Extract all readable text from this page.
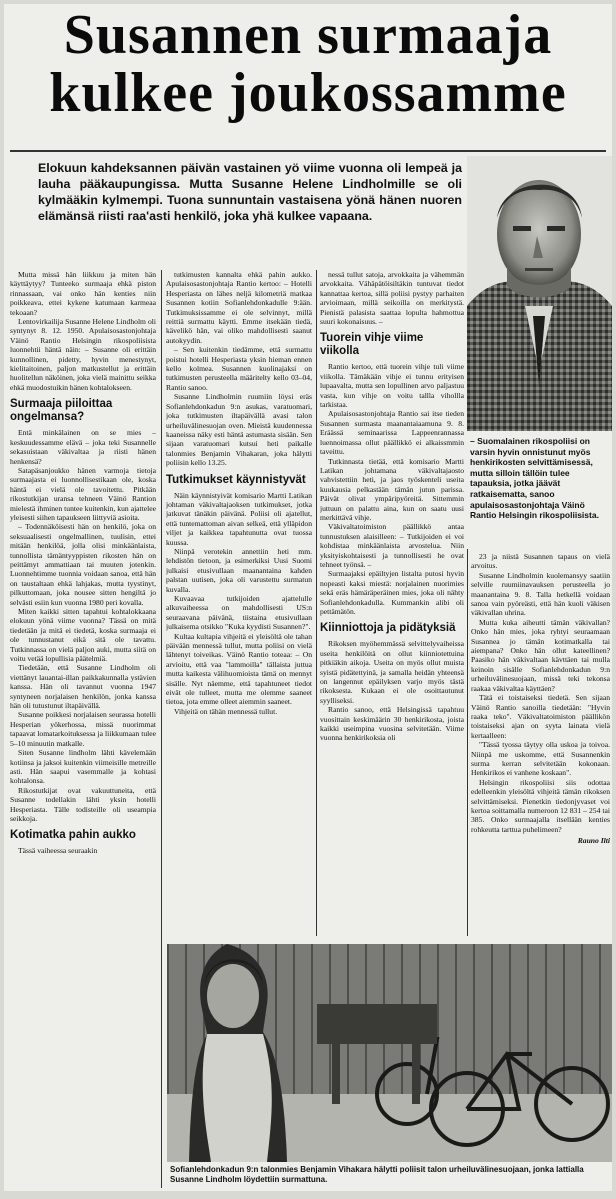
Susannen surmaaja
kulkee joukossamme
Elokuun kahdeksannen päivän vastainen yö viime vuonna oli lempeä ja lauha pääkaupungissa. Mutta Susanne Helene Lindholmille se oli kylmääkin kylmempi. Tuona sunnuntain vastaisena yönä hänen nuoren elämänsä riisti raa'asti henkilö, joka yhä kulkee vapaana.
– Suomalainen rikospoliisi on varsin hyvin onnistunut myös henkirikosten selvittämisessä, mutta silloin tällöin tulee tapauksia, jotka jäävät ratkaisematta, sanoo apulaisosastonjohtaja Väinö Rantio Helsingin rikospoliisista.

Mutta missä hän liikkuu ja miten hän käyttäytyy? Tunteeko surmaaja ehkä piston rinnassaan, vai onko hän kenties niin poikkeava, ettei kykene katumaan karmeaa tekoaan?

Lentovirkailija Susanne Helene Lindholm oli syntynyt 8. 12. 1950. Apulaisosastonjohtaja Väinö Rantio Helsingin rikospoliisista luonnehtii häntä näin: – Susanne oli erittäin kunnollinen, pidetty, hyvin menestynyt, kielitaitoinen, paljon matkustellut ja erittäin huolitellun näköinen, joka vielä mainittu seikka ehkä muodostuikin hänen kohtalokseen.

Surmaaja piiloittaa ongelmansa?

Entä minkälainen on se mies – keskuudessamme elävä – joka teki Susannelle sekasuistaan väkivaltaa ja riisti hänen henkensä?

Satapäsanjoukko hänen varmoja tietoja surmaajasta ei luonnollisestikaan ole, koska häntä ei vielä ole tavoitettu. Pitkään rikostutkijan uransa tehneen Väinö Rantion mielestä ihminen tuntee kuitenkin, kun ajattelee yleisesti siihen tapaukseen liittyviä asioita.

– Todennäköisesti hän on henkilö, joka on seksuaalisesti ongelmallinen, tuulisin, ettei mitään henkilöä, jolla olisi minkäänlaista, tunnollista tämäntyyppisten rikosten hän on peittämyt ammattiaan tai muuten jotenkin. Luonnehtimme tuonnia voidaan sanoa, että hän on taustaltaan ehkä lahjakas, mutta tyystinyt, pilkuttomaan, joka nousee sitten hengiltä jo selvästi esiin kun vuonna 1980 peri kovalla.

Miten kaikki sitten tapahtui kohtalokkaana elokuun yönä viime vuonna? Tässä on mitä tiedetään ja mitä ei tiedetä, koska surmaaja ei ole tunnustanut eikä sitä ole tavattu. Tutkinnassa on vielä paljon auki, mutta siitä on voitu vetää lopullisia päätelmiä.

Tiedetään, että Susanne Lindholm oli viettänyt lauantai-illan paikkakunnalla ystävien kanssa. Hän oli tavannut vuonna 1947 syntyneen norjalaisen henkilön, jonka kanssa hän oli tutustunut iltapäivällä.

Susanne poikkesi norjalaisen seurassa hotelli Hesperian yökerhossa, missä nuorimmat tapaavat lomatarkoituksessa ja liikkumaan tulee 5–10 minuutin matkalle.

Siten Susanne lindholm lähti kävelemään kotiinsa ja jaksoi kuitenkin viimeisille metreille asti. Hän saapui vasemmalle ja kohtasi kohtalonsa.

Rikostutkijat ovat vakuuttuneita, että Susanne todellakin lähti yksin hotelli Hesperiasta. Tälle todisteille oli useampia seikkoja.

Kotimatka pahin aukko

Tässä vaiheessa seuraakin

tutkimusten kannalta ehkä pahin aukko. Apulaisosastonjohtaja Rantio kertoo: – Hotelli Hesperiasta on lähes neljä kilometriä matkaa Susannen kotiin Sofianlehdonkadulle 9:ään. Tutkimuksissamme ei ole selvinnyt, millä reittiä surmattu käytti. Emme itsekään tiedä, kävelikö hän, vai oliko mahdollisesti saanut autokyydin.

– Sen kuitenkin tiedämme, että surmattu poistui hotelli Hesperiasta yksin hieman ennen kello kolmea. Susannen kuolinajaksi on tutkimusten perusteella määritelty kello 03–04, Rantio sanoo.

Susanne Lindholmin ruumiin löysi eräs Sofianlehdonkadun 9:n asukas, varatuomari, joka tutkimusten iltapäivällä avasi talon urheiluvälinesuojan oven. Mieistä kuudennessa kaaneissa näky esti häntä astumasta sisään. Sen sijaan varatuomari kutsui heti paikalle talonmies Benjamin Vihakaran, joka hälytti poliisin kello 13.25.

Tutkimukset käynnistyvät

Näin käynnistyivät komisario Martti Latikan johtaman väkivaltajaoksen tutkimukset, jotka jatkuvat tänäkin päivänä. Poliisi oli ajatellut, että tuntemattoman aivan selkeä, että ylläpidon viljet ja kaikkea tapahtunutta ovat tuossa kuussa.

Niinpä verotekin annettiin heti mm. lehdistön tietoon, ja esimerkiksi Uusi Suomi julkaisi etusivullaan maanantaina kahden palstan uutisen, joka oli varustettu surmatun kuvalla.

Kuvaavaa tutkijoiden ajattelulle alkuvaiheessa on mahdollisesti US:n seuraavana päivänä, tiistaina etusivullaan julkaisema otsikko "Kuka kyydisti Susannen?".

Kultaa kultapia vihjeitä ei yleisöltä ole tahan päivään mennessä tullut, mutta poliisi on vielä lähtenyt toiveikas. Väinö Rantio toteaa: – On arvioitu, että vaa "lammoilla" tällaista juttua mutta kaikesta välihuomioista tämä on mennyt sisälle. Nyt näemme, että tapahtuneet tiedot eivät ole tulleet, mutta me olemme saaneet tietoa, jota emme olleet aiemmin saaneet.

Vihjeitä on tähän mennessä tullut.

nessä tullut satoja, arvokkaita ja vähemmän arvokkaita. Vähäpätöisiltäkin tuntuvat tiedot kannattaa kertoa, sillä poliisi pystyy parhaiten arvioimaan, millä seikoilla on merkitystä. Pienistä palasista saattaa lopulta hahmottua suuri kokonaisuus. –

Tuorein vihje viime viikolla

Rantio kertoo, että tuorein vihje tuli viime viikolla. Tämäkään vihje ei tunnu erityisen lupaavalta, mutta sen lopullinen arvo paljastuu vasta, kun vihje on voitu tallla vihollla tarkistaa.

Apulaisosastonjohtaja Rantio sai itse tieden Susannen surmasta maanantaiaamuna 9. 8. Eräässä seminaarissa Lappeenrannassa luennoimassa ollut päällikkö ei alkaissmmin taveittu.

Tutkinnasta tietää, että komisario Martti Latikan johtamana väkivaltajaosto vahvistettiin heti, ja jaos työskenteli useita kuukausia pelkastään tämän jutun parissa. Päivät olivat ympäripyöreitä. Sittemmin juttuun on palattu aina, kun on saatu uusi merkittävä vihje.

Väkivaltatoimiston päällikkö antaa tunnustuksen alaisilleen: – Tutkijoiden ei voi kohdistaa minkäänlaista arvostelua. Niin yksityiskohtaisesti ja tunnollisesti he ovat tehneet työnsä. –

Surmaajaksi epäiltyjen listalta putosi hyvin nopeasti kaksi miestä: norjalainen nuorimies sekä eräs hämäräperäinen mies, joka oli nähty Sofianlehdonkadulla. Kummankin alibi oli pettämätön.

Kiinniottoja ja pidätyksiä

Rikoksen myöhemmässä selvittelyvaiheissa useita henkilöitä on ollut kiinniotettuina pitkiäkin aikoja. Useita on myös ollut muista syistä pidätettyinä, ja samalla heidän yhteensä on langennut epäilyksen varjo myös tästä rikoksesta. Kukaan ei ole osoittautunut syylliseksi.

Rantio sanoo, että Helsingissä tapahtuu vuosittain keskimäärin 30 henkirikosta, joista kaikki useimpina vuosina selvitetään. Viime vuonna henkirikoksia oli

23 ja niistä Susannen tapaus on vielä arvoitus.

Susanne Lindholmin kuolemansyy saatiin selville ruumiinavauksen perusteella jo maanantaina 9. 8. Talla hetkellä voidaan sanoa vain pyöreästi, että hän kuoli väkisen väkivallan uhrina.

Mutta kuka aiheutti tämän väkivallan? Onko hän mies, joka ryhtyi seuraamaan Susannea jo tämän kotimatkalla tai aiempana? Onko hän ollut kateellinen? Paasiko hän väkivaltaan kävttäen tai mulla keinoin sisälle Sofianlehdonkadun 9:n urheiluvälinesuojaan, missä teki tekonsa raakaa väkivaltaa käyttäen?

Tätä ei toistaiseksi tiedetä. Sen sijaan Väinö Rantio sanoilla tiedetään: "Hyvin raaka teko". Väkivaltatoimiston päällikön toistaiseksi ajan on syyta lainata vielä kertaalleen:

"Tässä tyossa täytyy olla uskoa ja toivoa. Niinpä me uskomme, että Susannenkin surma kerran selvitetään kokonaan. Henkirikos ei vanhene koskaan".

Helsingin rikospoliisi siis odottaa edelleenkin yleisöltä vihjeitä tämän rikoksen selvittämiseksi. Pienetkin tiedonjyvaset voi kertoa soittamalla numeroon 12 831 – 254 tai 385. Onko surmaajalla itsellään kenties rohkeutta tarttua puhelimeen?

Rauno Ilti

Sofianlehdonkadun 9:n talonmies Benjamin Vihakara hälytti poliisit talon urheiluvälinesuojaan, jonka lattialla Susanne Lindholm löydettiin surmattuna.
